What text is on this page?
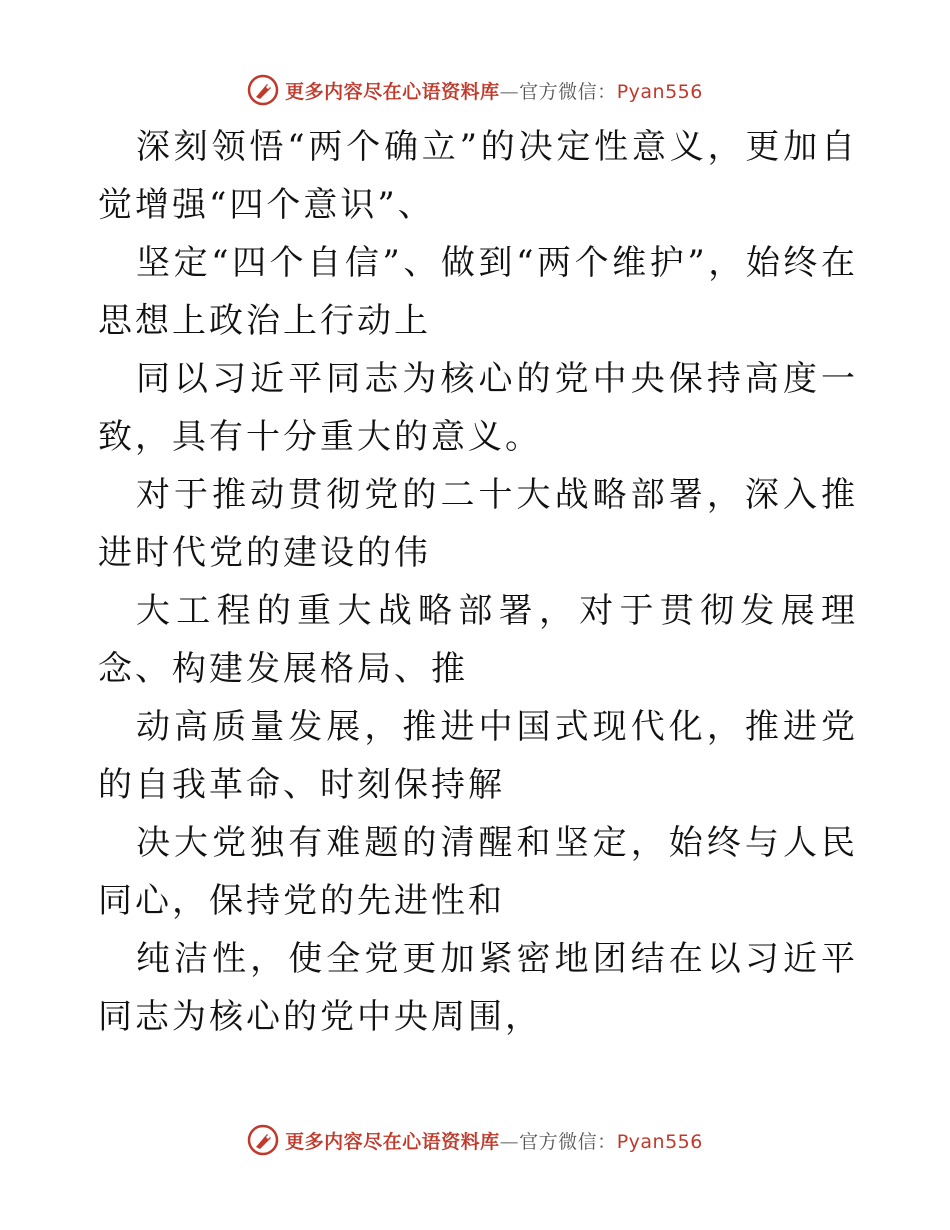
更多内容尽在心语资料库—官方微信：Pyan556

深刻领悟“两个确立”的决定性意义，更加自觉增强“四个意识”、

坚定“四个自信”、做到“两个维护”，始终在思想上政治上行动上

同以习近平同志为核心的党中央保持高度一致，具有十分重大的意义。

对于推动贯彻党的二十大战略部署，深入推进时代党的建设的伟

大工程的重大战略部署，对于贯彻发展理念、构建发展格局、推

动高质量发展，推进中国式现代化，推进党的自我革命、时刻保持解

决大党独有难题的清醒和坚定，始终与人民同心，保持党的先进性和

纯洁性，使全党更加紧密地团结在以习近平同志为核心的党中央周围，

更多内容尽在心语资料库—官方微信：Pyan556
